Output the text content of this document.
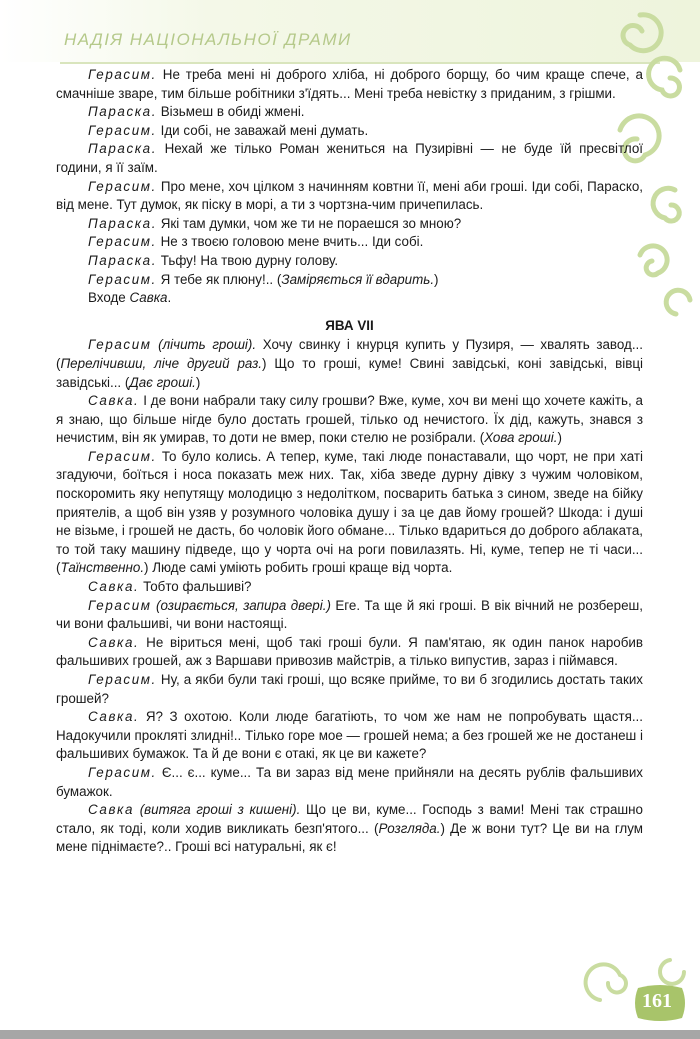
НАДІЯ НАЦІОНАЛЬНОЇ ДРАМИ

Герасим. Не треба мені ні доброго хліба, ні доброго борщу, бо чим краще спече, а смачніше зваре, тим більше робітники з'їдять... Мені треба невістку з приданим, з грішми.

Параска. Візьмеш в обиді жмені.

Герасим. Іди собі, не заважай мені думать.

Параска. Нехай же тілько Роман жениться на Пузирівні — не буде їй пресвітлої години, я її заїм.

Герасим. Про мене, хоч цілком з начинням ковтни її, мені аби гроші. Іди собі, Параско, від мене. Тут думок, як піску в морі, а ти з чортзна-чим причепилась.

Параска. Які там думки, чом же ти не пораешся зо мною?

Герасим. Не з твоєю головою мене вчить... Іди собі.

Параска. Тьфу! На твою дурну голову.

Герасим. Я тебе як плюну!.. (Заміряється її вдарить.)

Входе Савка.

ЯВА VII

Герасим (лічить гроші). Хочу свинку і кнурця купить у Пузиря, — хвалять завод... (Перелічивши, ліче другий раз.) Що то гроші, куме! Свині завідські, коні завідські, вівці завідські... (Дає гроші.)

Савка. І де вони набрали таку силу грошви? Вже, куме, хоч ви мені що хочете кажіть, а я знаю, що більше нігде було достать грошей, тілько од нечистого. Їх дід, кажуть, знався з нечистим, він як умирав, то доти не вмер, поки стелю не розібрали. (Хова гроші.)

Герасим. То було колись. А тепер, куме, такі люде понаставали, що чорт, не при хаті згадуючи, боїться і носа показать меж них. Так, хіба зведе дурну дівку з чужим чоловіком, поскоромить яку непутящу молодицю з недолітком, посварить батька з сином, зведе на бійку приятелів, а щоб він узяв у розумного чоловіка душу і за це дав йому грошей? Шкода: і душі не візьме, і грошей не дасть, бо чоловік його обмане... Тілько вдариться до доброго аблаката, то той таку машину підведе, що у чорта очі на роги повилазять. Ні, куме, тепер не ті часи... (Таїнственно.) Люде самі уміють робить гроші краще від чорта.

Савка. Тобто фальшиві?

Герасим (озирається, запира двері.) Еге. Та ще й які гроші. В вік вічний не розбереш, чи вони фальшиві, чи вони настоящі.

Савка. Не віриться мені, щоб такі гроші були. Я пам'ятаю, як один панок наробив фальшивих грошей, аж з Варшави привозив майстрів, а тілько випустив, зараз і піймався.

Герасим. Ну, а якби були такі гроші, що всяке прийме, то ви б згодились достать таких грошей?

Савка. Я? З охотою. Коли люде багатіють, то чом же нам не попробувать щастя... Надокучили прокляті злидні!.. Тілько горе мое — грошей нема; а без грошей же не достанеш і фальшивих бумажок. Та й де вони є отакі, як це ви кажете?

Герасим. Є... є... куме... Та ви зараз від мене прийняли на десять рублів фальшивих бумажок.

Савка (витяга гроші з кишені). Що це ви, куме... Господь з вами! Мені так страшно стало, як тоді, коли ходив викликать безп'ятого... (Розгляда.) Де ж вони тут? Це ви на глум мене піднімаєте?.. Гроші всі натуральні, як є!

161
